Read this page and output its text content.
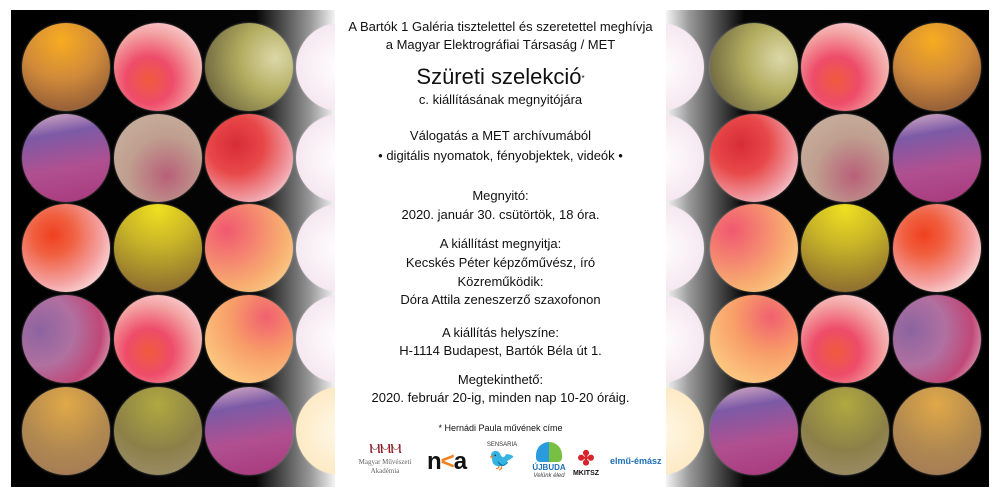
A Bartók 1 Galéria tisztelettel és szeretettel meghívja
a Magyar Elektrográfiai Társaság / MET
Szüreti szelekció*
c. kiállításának megnyitójára
Válogatás a MET archívumából
• digitális nyomatok, fényobjektek, videók •
Megnyitó:
2020. január 30. csütörtök, 18 óra.
A kiállítást megnyitja:
Kecskés Péter képzőművész, író
Közreműködik:
Dóra Attila zeneszerző szaxofonon
A kiállítás helyszíne:
H-1114 Budapest, Bartók Béla út 1.
Megtekinthető:
2020. február 20-ig, minden nap 10-20 óráig.
* Hernádi Paula művének címe
ⲘⲘⲘ
Magyar Művészeti
Akadémia	n<a
SENSARIA
🐦	ÚJBUDA
Velünk éled
✤
MKITSZ
elmű-émász
